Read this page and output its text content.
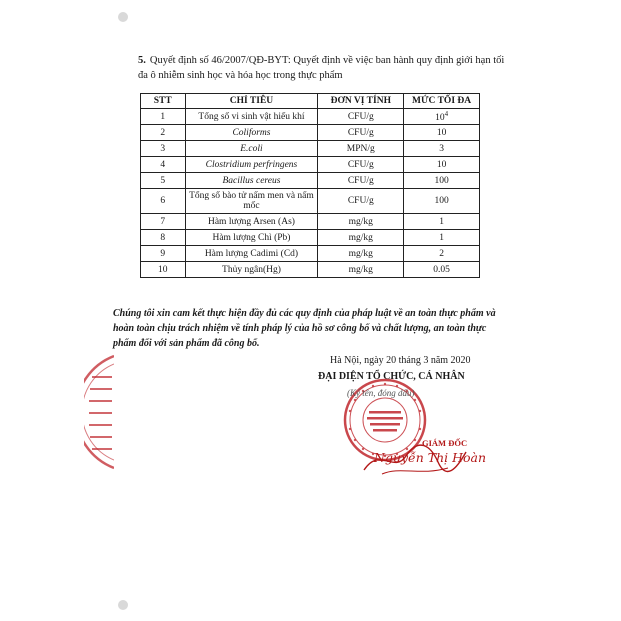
5. Quyết định số 46/2007/QĐ-BYT: Quyết định về việc ban hành quy định giới hạn tối đa ô nhiễm sinh học và hóa học trong thực phẩm
STT	CHỈ TIÊU	ĐƠN VỊ TÍNH	MỨC TỐI ĐA
1	Tổng số vi sinh vật hiếu khí	CFU/g	$10^4$
2	Coliforms	CFU/g	10
3	E.coli	MPN/g	3
4	Clostridium perfringens	CFU/g	10
5	Bacillus cereus	CFU/g	100
6	Tổng số bào tử nấm men và nấm mốc	CFU/g	100
7	Hàm lượng Arsen (As)	mg/kg	1
8	Hàm lượng Chì (Pb)	mg/kg	1
9	Hàm lượng Cadimi (Cd)	mg/kg	2
10	Thủy ngân(Hg)	mg/kg	0.05
Chúng tôi xin cam kết thực hiện đầy đủ các quy định của pháp luật về an toàn thực phẩm và hoàn toàn chịu trách nhiệm về tính pháp lý của hồ sơ công bố và chất lượng, an toàn thực phẩm đối với sản phẩm đã công bố.
Hà Nội, ngày 20 tháng 3 năm 2020
ĐẠI DIỆN TỔ CHỨC, CÁ NHÂN
(Ký tên, đóng dấu)
GIÁM ĐỐC
Nguyễn Thị Hoàn
